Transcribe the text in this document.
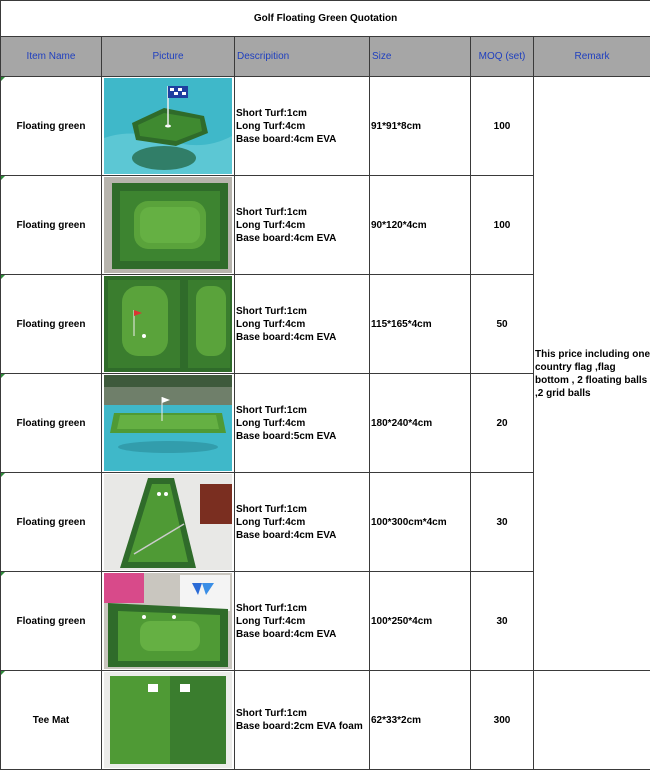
Golf Floating Green Quotation					
Item Name	Picture	Descripition	Size	MOQ (set)	Remark
Floating green		Short Turf:1cm
Long Turf:4cm
Base board:4cm EVA	91*91*8cm	100	This price including one country flag ,flag bottom , 2 floating balls ,2 grid balls
Floating green		Short Turf:1cm
Long Turf:4cm
Base board:4cm EVA	90*120*4cm	100	
Floating green		Short Turf:1cm
Long Turf:4cm
Base board:4cm EVA	115*165*4cm	50	
Floating green		Short Turf:1cm
Long Turf:4cm
Base board:5cm EVA	180*240*4cm	20	
Floating green		Short Turf:1cm
Long Turf:4cm
Base board:4cm EVA	100*300cm*4cm	30	
Floating green		Short Turf:1cm
Long Turf:4cm
Base board:4cm EVA	100*250*4cm	30	
Tee Mat		Short Turf:1cm
Base board:2cm EVA foam	62*33*2cm	300	
